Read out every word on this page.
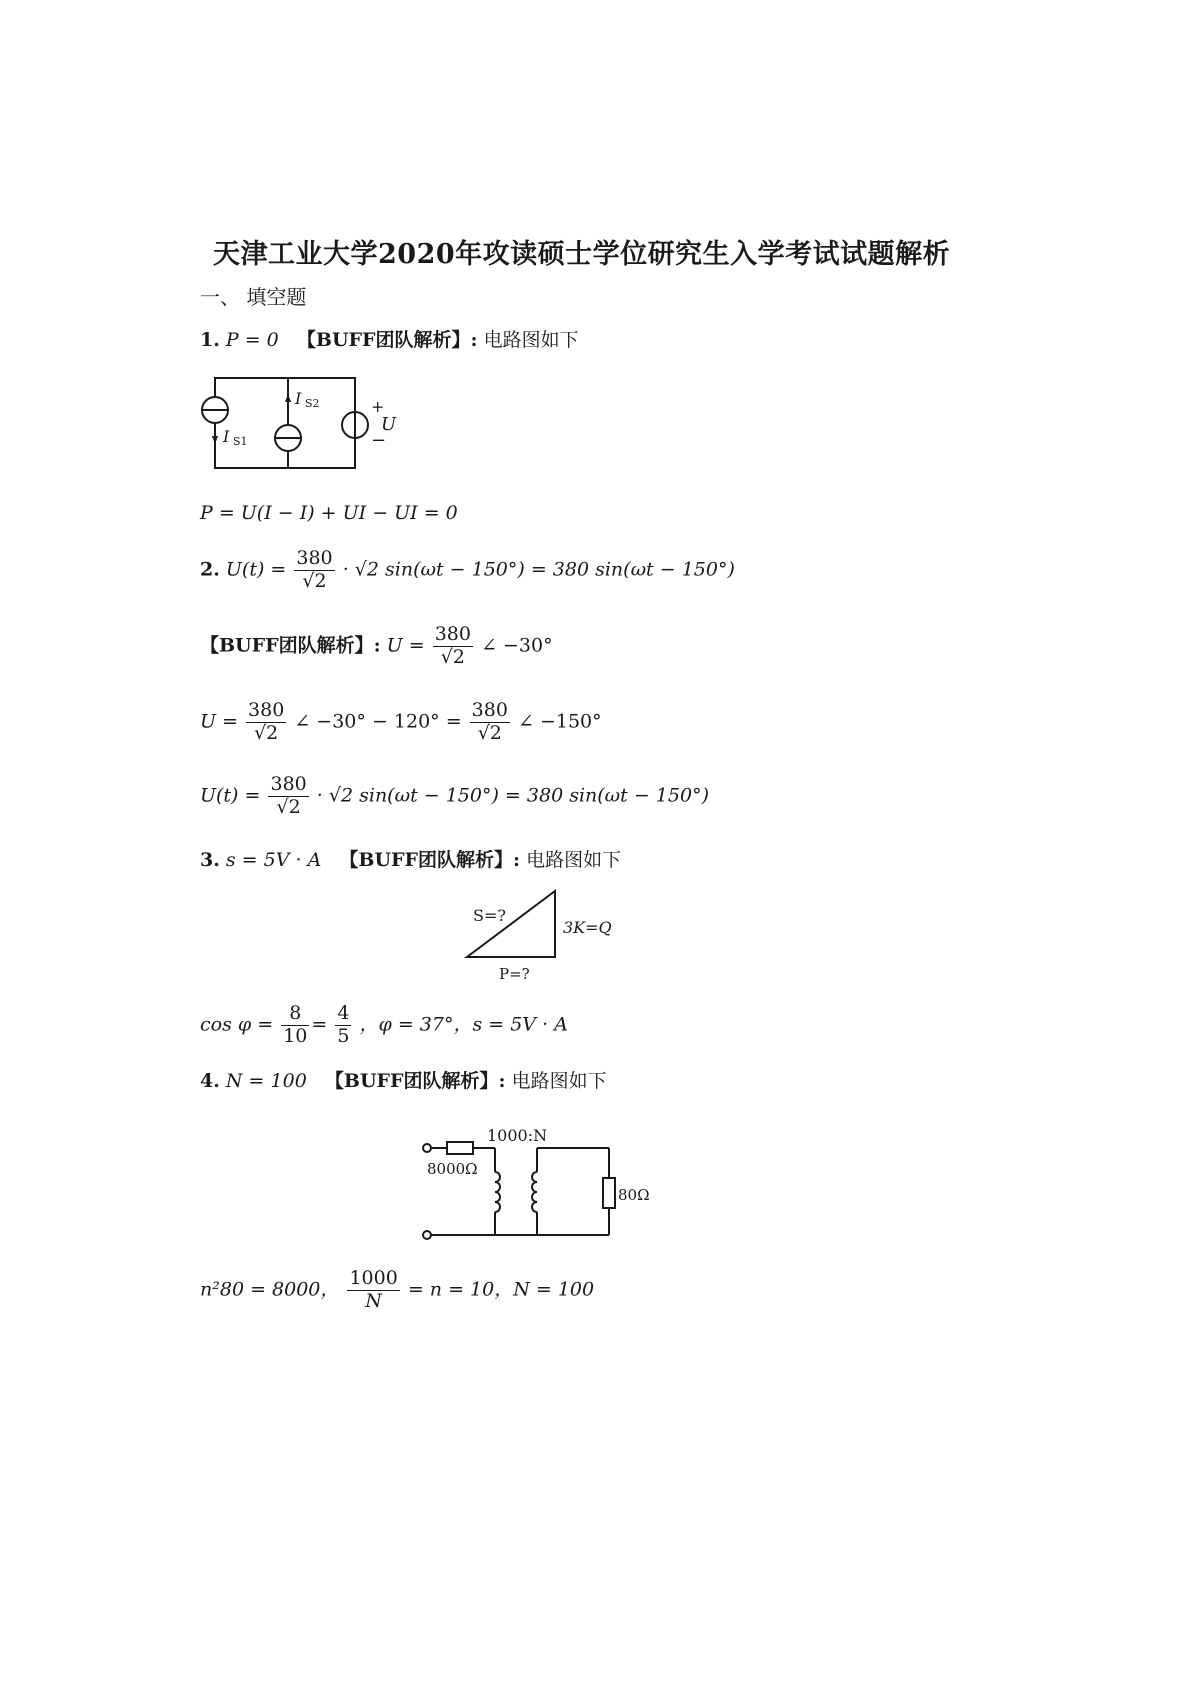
天津工业大学2020年攻读硕士学位研究生入学考试试题解析
一、 填空题
1. P = 0 【BUFF团队解析】: 电路图如下
I S2
I S1
+
U
−
P = U(I − I) + UI − UI = 0
2. $U(t) = \frac{380}{√2} \cdot √2$ sin(ωt − 150°) = 380 sin(ωt − 150°)
【BUFF团队解析】: $U = \frac{380}{√2}$ ∠ −30°
$U = \frac{380}{√2}$ ∠ $-30^\circ - 120^\circ = \frac{380}{√2}$ ∠ −150°
$U(t) = \frac{380}{√2} \cdot √2$ sin(ωt − 150°) = 380 sin(ωt − 150°)
3. s = 5V · A 【BUFF团队解析】: 电路图如下
S=?
3K=Q
P=?
$\cos \varphi = \frac{8}{10} = \frac{4}{5}$ ，φ = 37°，s = 5V · A
4. N = 100 【BUFF团队解析】: 电路图如下
1000:N
8000Ω
80Ω
n²80 = 8000， $\frac{1000}{N} = n = 10$，N = 100
